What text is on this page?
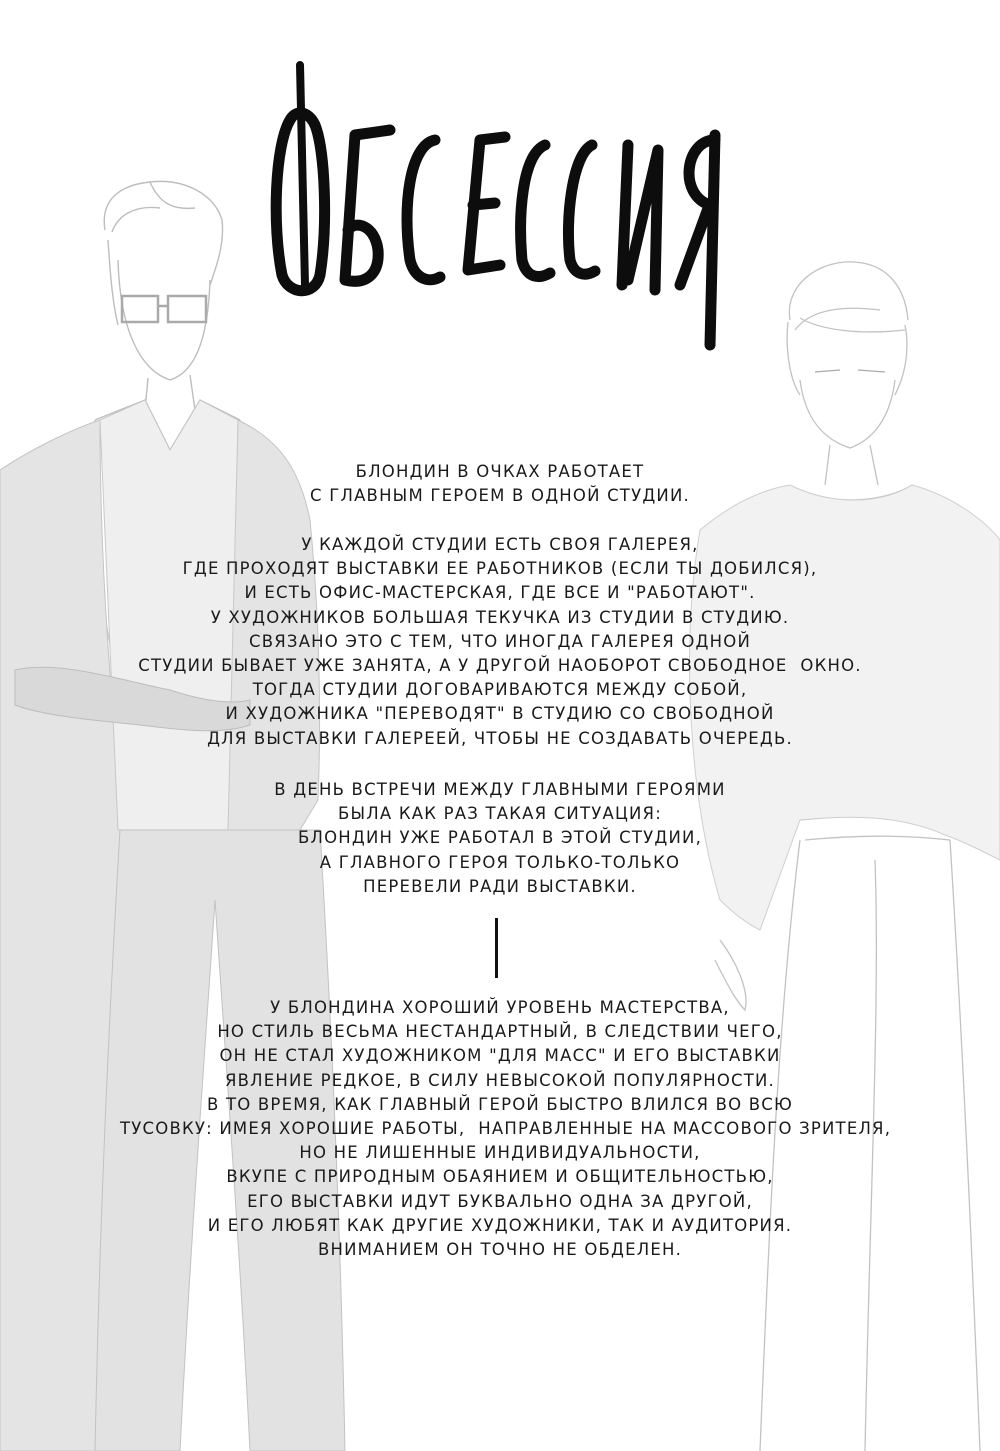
БЛОНДИН В ОЧКАХ РАБОТАЕТ
С ГЛАВНЫМ ГЕРОЕМ В ОДНОЙ СТУДИИ.
У КАЖДОЙ СТУДИИ ЕСТЬ СВОЯ ГАЛЕРЕЯ,
ГДЕ ПРОХОДЯТ ВЫСТАВКИ ЕЕ РАБОТНИКОВ (ЕСЛИ ТЫ ДОБИЛСЯ),
И ЕСТЬ ОФИС-МАСТЕРСКАЯ, ГДЕ ВСЕ И "РАБОТАЮТ".
У ХУДОЖНИКОВ БОЛЬШАЯ ТЕКУЧКА ИЗ СТУДИИ В СТУДИЮ.
СВЯЗАНО ЭТО С ТЕМ, ЧТО ИНОГДА ГАЛЕРЕЯ ОДНОЙ
СТУДИИ БЫВАЕТ УЖЕ ЗАНЯТА, А У ДРУГОЙ НАОБОРОТ СВОБОДНОЕ  ОКНО.
ТОГДА СТУДИИ ДОГОВАРИВАЮТСЯ МЕЖДУ СОБОЙ,
И ХУДОЖНИКА "ПЕРЕВОДЯТ" В СТУДИЮ СО СВОБОДНОЙ
ДЛЯ ВЫСТАВКИ ГАЛЕРЕЕЙ, ЧТОБЫ НЕ СОЗДАВАТЬ ОЧЕРЕДЬ.
В ДЕНЬ ВСТРЕЧИ МЕЖДУ ГЛАВНЫМИ ГЕРОЯМИ
БЫЛА КАК РАЗ ТАКАЯ СИТУАЦИЯ:
БЛОНДИН УЖЕ РАБОТАЛ В ЭТОЙ СТУДИИ,
А ГЛАВНОГО ГЕРОЯ ТОЛЬКО-ТОЛЬКО
ПЕРЕВЕЛИ РАДИ ВЫСТАВКИ.
У БЛОНДИНА ХОРОШИЙ УРОВЕНЬ МАСТЕРСТВА,
НО СТИЛЬ ВЕСЬМА НЕСТАНДАРТНЫЙ, В СЛЕДСТВИИ ЧЕГО,
ОН НЕ СТАЛ ХУДОЖНИКОМ "ДЛЯ МАСС" И ЕГО ВЫСТАВКИ
ЯВЛЕНИЕ РЕДКОЕ, В СИЛУ НЕВЫСОКОЙ ПОПУЛЯРНОСТИ.
В ТО ВРЕМЯ, КАК ГЛАВНЫЙ ГЕРОЙ БЫСТРО ВЛИЛСЯ ВО ВСЮ
ТУСОВКУ: ИМЕЯ ХОРОШИЕ РАБОТЫ,  НАПРАВЛЕННЫЕ НА МАССОВОГО ЗРИТЕЛЯ,
НО НЕ ЛИШЕННЫЕ ИНДИВИДУАЛЬНОСТИ,
ВКУПЕ С ПРИРОДНЫМ ОБАЯНИЕМ И ОБЩИТЕЛЬНОСТЬЮ,
ЕГО ВЫСТАВКИ ИДУТ БУКВАЛЬНО ОДНА ЗА ДРУГОЙ,
И ЕГО ЛЮБЯТ КАК ДРУГИЕ ХУДОЖНИКИ, ТАК И АУДИТОРИЯ.
ВНИМАНИЕМ ОН ТОЧНО НЕ ОБДЕЛЕН.
